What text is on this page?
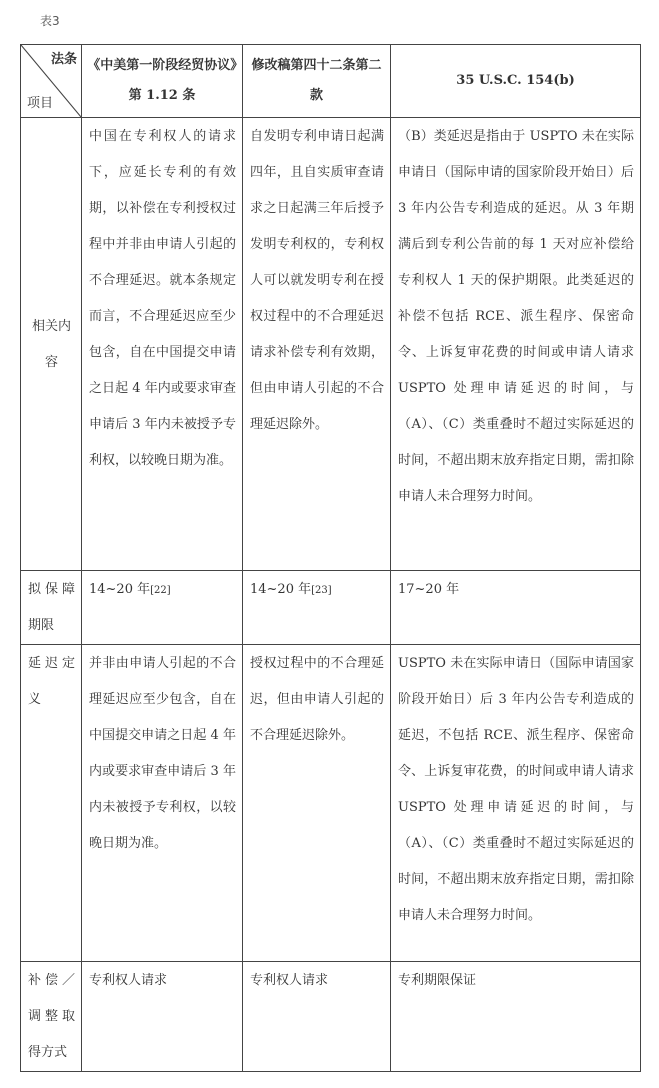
表3
法条
项目	《中美第一阶段经贸协议》第 1.12 条	修改稿第四十二条第二款	35 U.S.C. 154(b)
相关内容	中国在专利权人的请求下，应延长专利的有效期，以补偿在专利授权过程中并非由申请人引起的不合理延迟。就本条规定而言，不合理延迟应至少包含，自在中国提交申请之日起 4 年内或要求审查申请后 3 年内未被授予专利权，以较晚日期为准。	自发明专利申请日起满四年，且自实质审查请求之日起满三年后授予发明专利权的，专利权人可以就发明专利在授权过程中的不合理延迟请求补偿专利有效期，但由申请人引起的不合理延迟除外。	（B）类延迟是指由于 USPTO 未在实际申请日（国际申请的国家阶段开始日）后 3 年内公告专利造成的延迟。从 3 年期满后到专利公告前的每 1 天对应补偿给专利权人 1 天的保护期限。此类延迟的补偿不包括 RCE、派生程序、保密命令、上诉复审花费的时间或申请人请求 USPTO 处理申请延迟的时间，与（A）、（C）类重叠时不超过实际延迟的时间，不超出期末放弃指定日期，需扣除申请人未合理努力时间。
拟保障期限	14~20 年[22]	14~20 年[23]	17~20 年
延迟定义	并非由申请人引起的不合理延迟应至少包含，自在中国提交申请之日起 4 年内或要求审查申请后 3 年内未被授予专利权，以较晚日期为准。	授权过程中的不合理延迟，但由申请人引起的不合理延迟除外。	USPTO 未在实际申请日（国际申请国家阶段开始日）后 3 年内公告专利造成的延迟，不包括 RCE、派生程序、保密命令、上诉复审花费，的时间或申请人请求 USPTO 处理申请延迟的时间，与（A）、（C）类重叠时不超过实际延迟的时间，不超出期末放弃指定日期，需扣除申请人未合理努力时间。
补偿／调整取得方式	专利权人请求	专利权人请求	专利期限保证
